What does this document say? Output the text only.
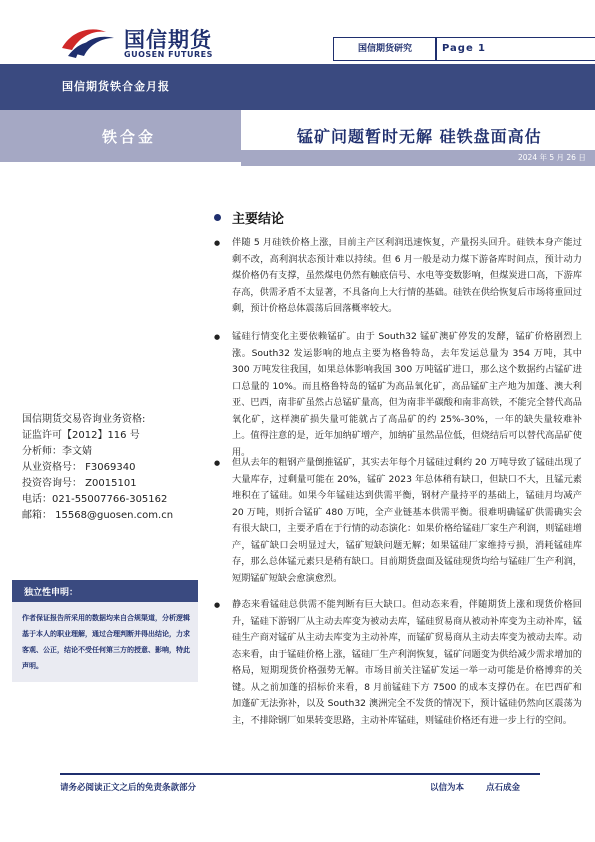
国信期货
GUOSEN FUTURES
国信期货研究	Page 1
国信期货铁合金月报
铁合金	锰矿问题暂时无解 硅铁盘面高估
2024 年 5 月 26 日
国信期货交易咨询业务资格:
证监许可【2012】116 号
分析师：李文婧
从业资格号： F3069340
投资咨询号： Z0015101
电话：021-55007766-305162
邮箱： 15568@guosen.com.cn
独立性申明：
作者保证报告所采用的数据均来自合规渠道，分析逻辑基于本人的职业理解，通过合理判断并得出结论，力求客观、公正，结论不受任何第三方的授意、影响，特此声明。
主要结论
● 伴随 5 月硅铁价格上涨，目前主产区利润迅速恢复，产量拐头回升。硅铁本身产能过剩不改，高利润状态预计难以持续。但 6 月一般是动力煤下游备库时间点，预计动力煤价格仍有支撑，虽然煤电仍然有触底信号、水电等变数影响，但煤炭进口高，下游库存高，供需矛盾不太显著，不具备向上大行情的基础。硅铁在供给恢复后市场将重回过剩，预计价格总体震荡后回落概率较大。
● 锰硅行情变化主要依赖锰矿。由于 South32 锰矿澳矿停发的发酵，锰矿价格剧烈上涨。South32 发运影响的地点主要为格鲁特岛，去年发运总量为 354 万吨，其中 300 万吨发往我国，如果总体影响我国 300 万吨锰矿进口，那么这个数据约占锰矿进口总量的 10%。而且格鲁特岛的锰矿为高品氧化矿，高品锰矿主产地为加蓬、澳大利亚、巴西，南非矿虽然占总锰矿量高，但为南非半碳酸和南非高铁，不能完全替代高品氧化矿，这样澳矿损失量可能就占了高品矿的约 25%-30%，一年的缺失量较难补上。值得注意的是，近年加纳矿增产，加纳矿虽然品位低，但烧结后可以替代高品矿使用。
● 但从去年的粗钢产量倒推锰矿，其实去年每个月锰硅过剩约 20 万吨导致了锰硅出现了大量库存，过剩量可能在 20%，锰矿 2023 年总体稍有缺口，但缺口不大，且锰元素堆积在了锰硅。如果今年锰硅达到供需平衡，钢材产量持平的基础上，锰硅月均减产 20 万吨，则折合锰矿 480 万吨，全产业链基本供需平衡。很难明确锰矿供需确实会有很大缺口，主要矛盾在于行情的动态演化：如果价格给锰硅厂家生产利润，则锰硅增产，锰矿缺口会明显过大，锰矿短缺问题无解；如果锰硅厂家维持亏损，消耗锰硅库存，那么总体锰元素只是稍有缺口。目前期货盘面及锰硅现货均给与锰硅厂生产利润，短期锰矿短缺会愈演愈烈。
● 静态来看锰硅总供需不能判断有巨大缺口。但动态来看，伴随期货上涨和现货价格回升，锰硅下游钢厂从主动去库变为被动去库，锰硅贸易商从被动补库变为主动补库，锰硅生产商对锰矿从主动去库变为主动补库，而锰矿贸易商从主动去库变为被动去库。动态来看，由于锰硅价格上涨，锰硅厂生产利润恢复，锰矿问题变为供给减少需求增加的格局，短期现货价格强势无解。市场目前关注锰矿发运一举一动可能是价格博弈的关键。从之前加蓬的招标价来看，8 月前锰硅下方 7500 的成本支撑仍在。在巴西矿和加蓬矿无法弥补，以及 South32 澳洲完全不发货的情况下，预计锰硅仍然向区震荡为主，不排除钢厂如果转变思路，主动补库锰硅，则锰硅价格还有进一步上行的空间。
请务必阅读正文之后的免责条款部分	以信为本	点石成金
